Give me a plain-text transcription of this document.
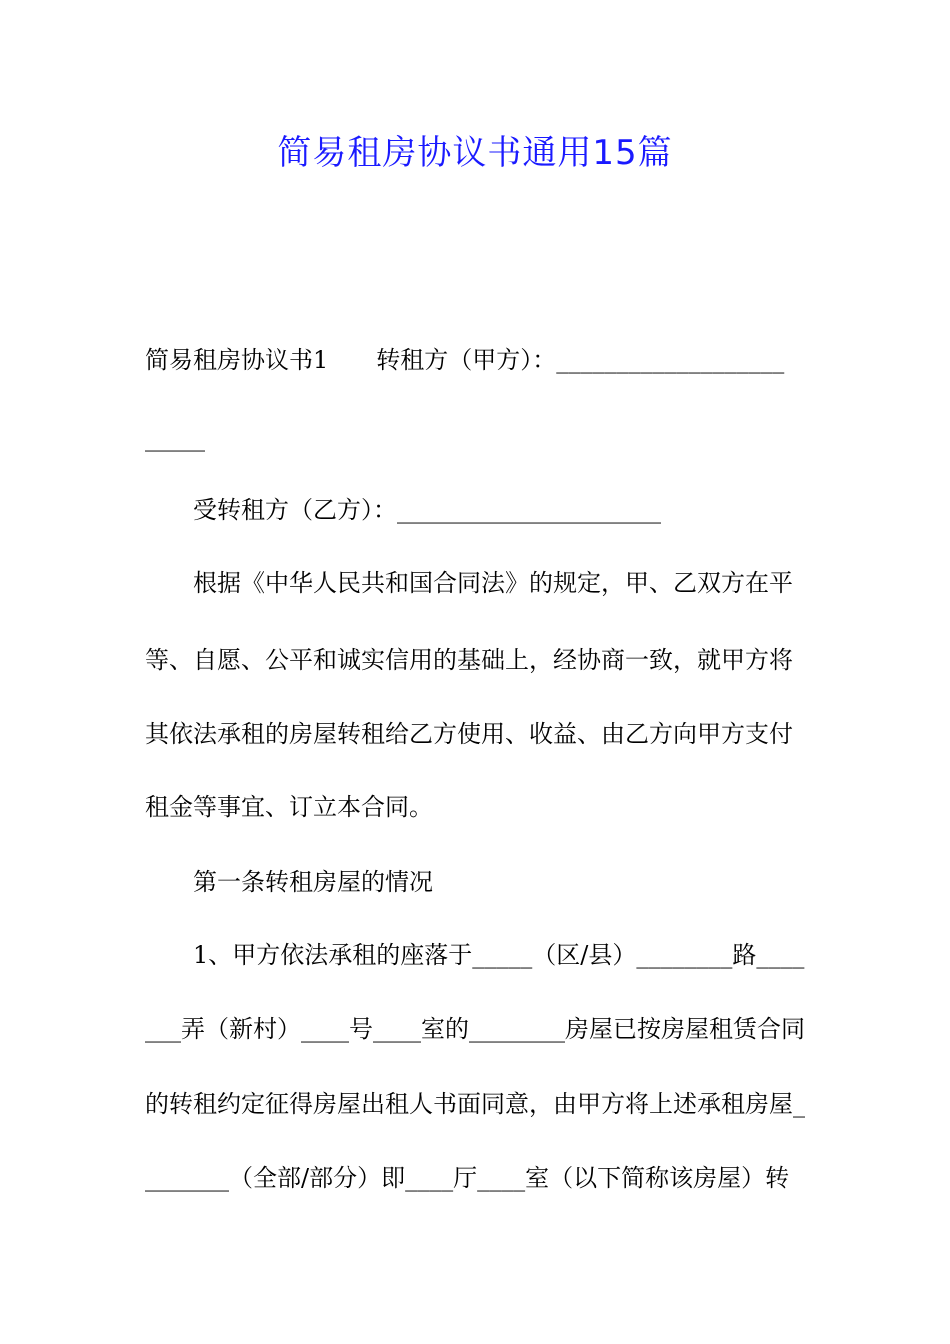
简易租房协议书通用15篇
简易租房协议书1　　转租方（甲方）：___________________
_____
　　受转租方（乙方）：______________________
　　根据《中华人民共和国合同法》的规定，甲、乙双方在平
等、自愿、公平和诚实信用的基础上，经协商一致，就甲方将
其依法承租的房屋转租给乙方使用、收益、由乙方向甲方支付
租金等事宜、订立本合同。
　　第一条转租房屋的情况
　　1、甲方依法承租的座落于_____（区/县）________路____
___弄（新村）____号____室的________房屋已按房屋租赁合同
的转租约定征得房屋出租人书面同意，由甲方将上述承租房屋_
_______（全部/部分）即____厅____室（以下简称该房屋）转
